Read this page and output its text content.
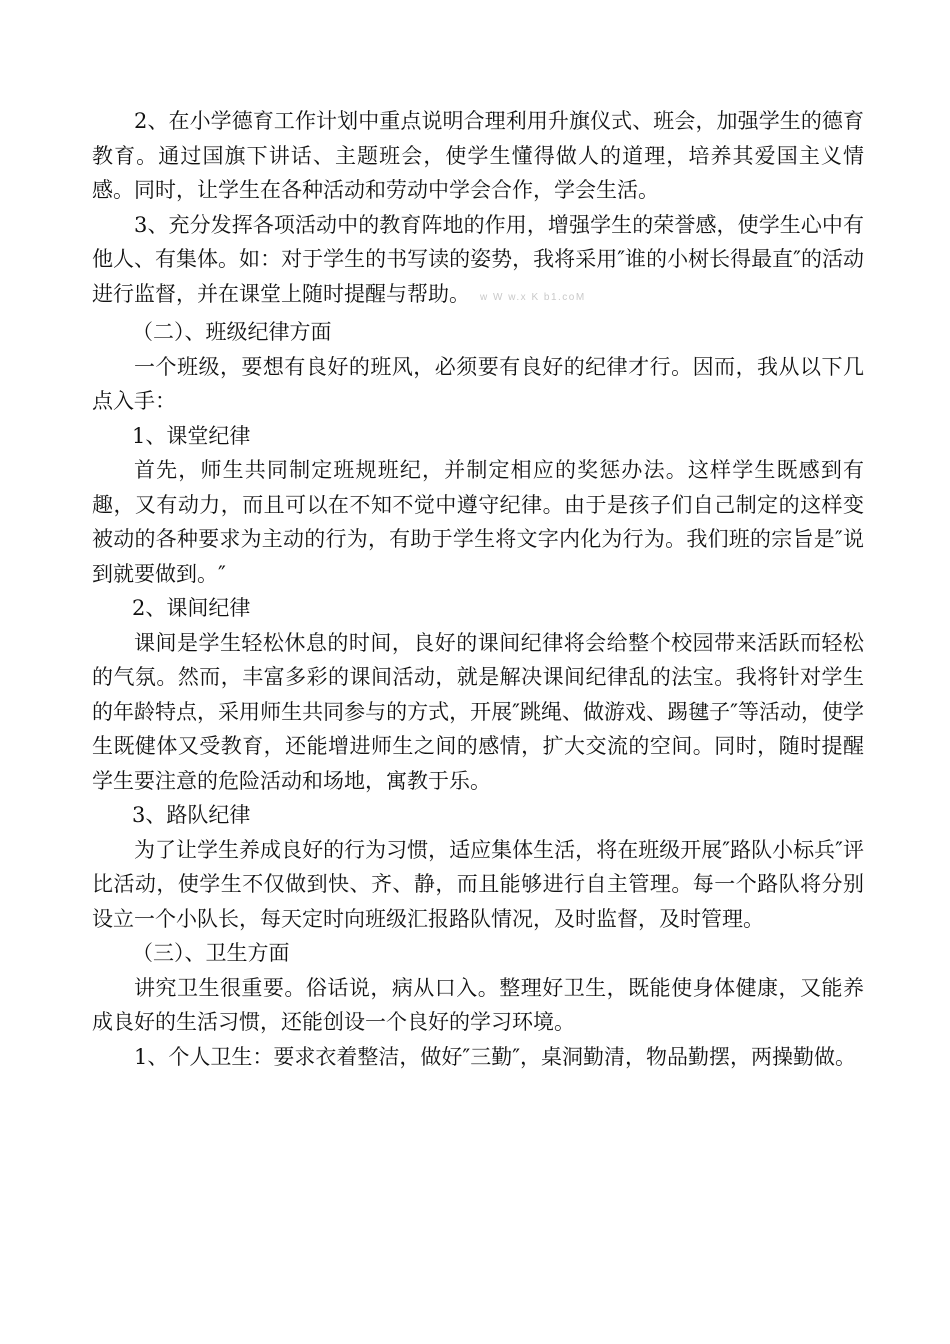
2、在小学德育工作计划中重点说明合理利用升旗仪式、班会，加强学生的德育教育。通过国旗下讲话、主题班会，使学生懂得做人的道理，培养其爱国主义情感。同时，让学生在各种活动和劳动中学会合作，学会生活。

3、充分发挥各项活动中的教育阵地的作用，增强学生的荣誉感，使学生心中有他人、有集体。如：对于学生的书写读的姿势，我将采用″谁的小树长得最直″的活动进行监督，并在课堂上随时提醒与帮助。 w W w.x K b1.coM

（二）、班级纪律方面

一个班级，要想有良好的班风，必须要有良好的纪律才行。因而，我从以下几点入手：

1、课堂纪律

首先，师生共同制定班规班纪，并制定相应的奖惩办法。这样学生既感到有趣，又有动力，而且可以在不知不觉中遵守纪律。由于是孩子们自己制定的这样变被动的各种要求为主动的行为，有助于学生将文字内化为行为。我们班的宗旨是″说到就要做到。″

2、课间纪律

课间是学生轻松休息的时间，良好的课间纪律将会给整个校园带来活跃而轻松的气氛。然而，丰富多彩的课间活动，就是解决课间纪律乱的法宝。我将针对学生的年龄特点，采用师生共同参与的方式，开展″跳绳、做游戏、踢毽子″等活动，使学生既健体又受教育，还能增进师生之间的感情，扩大交流的空间。同时，随时提醒学生要注意的危险活动和场地，寓教于乐。

3、路队纪律

为了让学生养成良好的行为习惯，适应集体生活，将在班级开展″路队小标兵″评比活动，使学生不仅做到快、齐、静，而且能够进行自主管理。每一个路队将分别设立一个小队长，每天定时向班级汇报路队情况，及时监督，及时管理。

（三）、卫生方面

讲究卫生很重要。俗话说，病从口入。整理好卫生，既能使身体健康，又能养成良好的生活习惯，还能创设一个良好的学习环境。

1、个人卫生：要求衣着整洁，做好″三勤″，桌洞勤清，物品勤摆，两操勤做。
